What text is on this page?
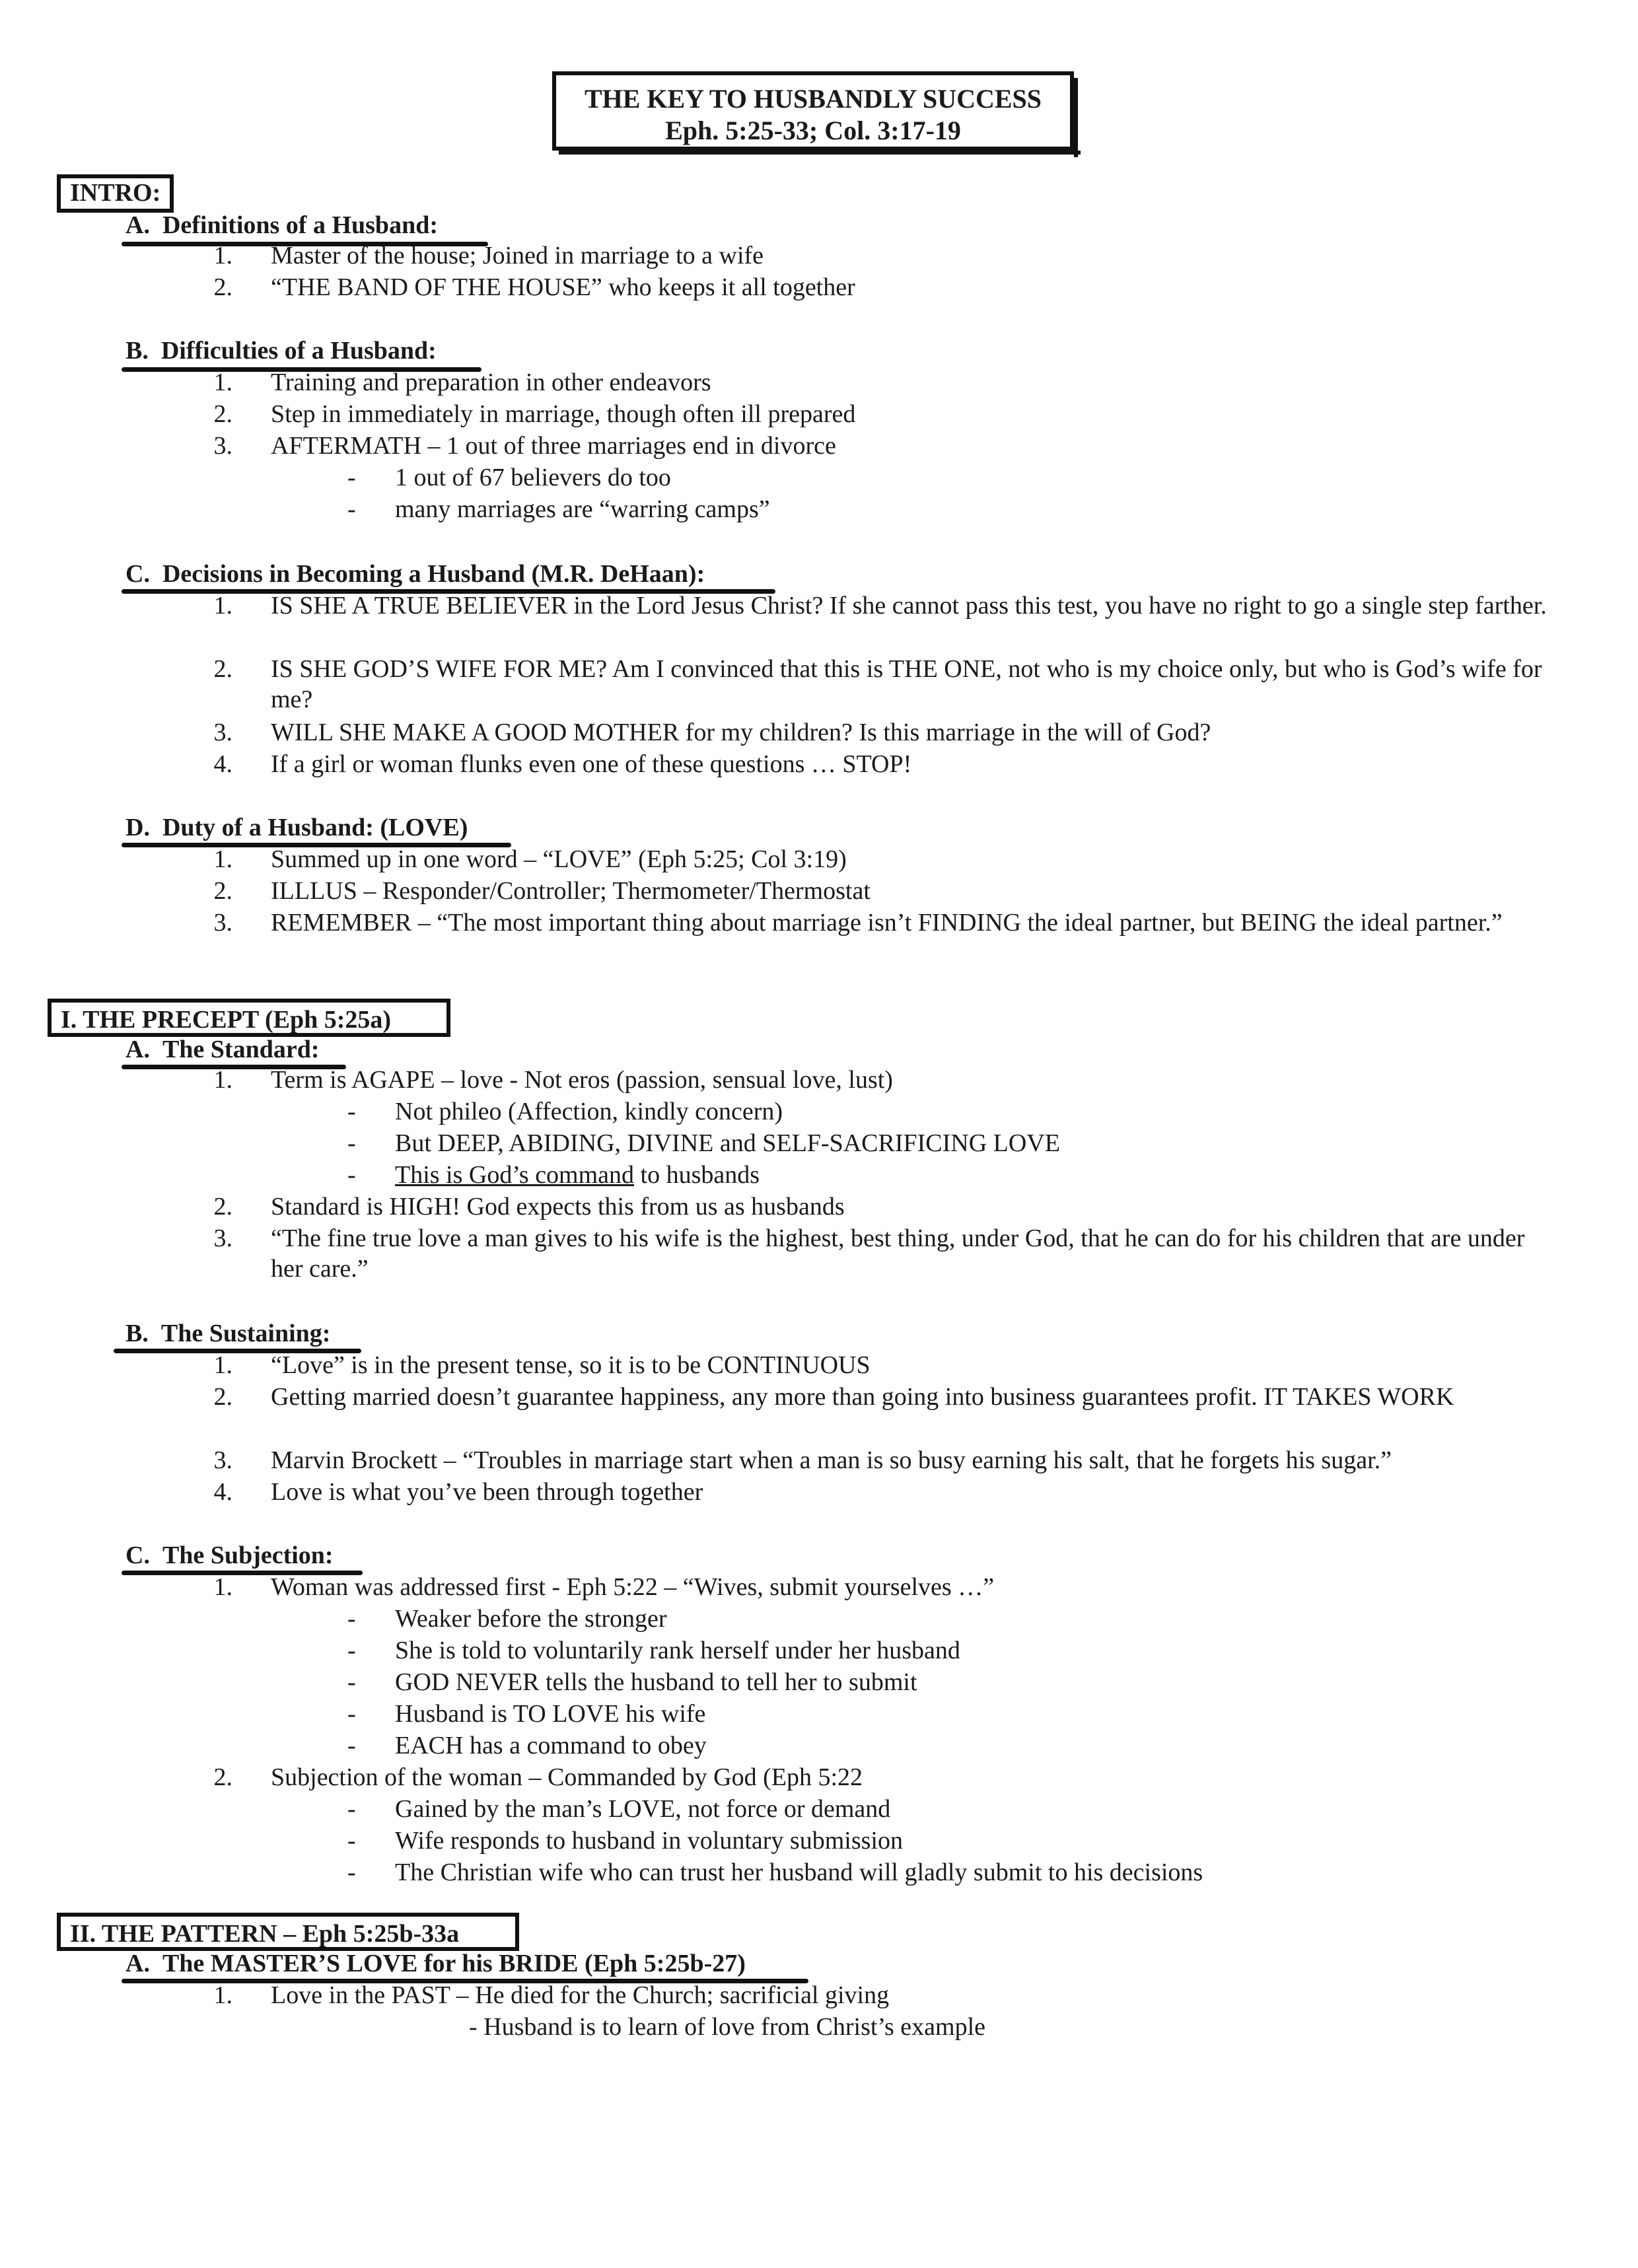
THE KEY TO HUSBANDLY SUCCESS
Eph. 5:25-33; Col. 3:17-19
INTRO:
A. Definitions of a Husband:
1. Master of the house; Joined in marriage to a wife
2. “THE BAND OF THE HOUSE” who keeps it all together
B. Difficulties of a Husband:
1. Training and preparation in other endeavors
2. Step in immediately in marriage, though often ill prepared
3. AFTERMATH – 1 out of three marriages end in divorce
- 1 out of 67 believers do too
- many marriages are “warring camps”
C. Decisions in Becoming a Husband (M.R. DeHaan):
1. IS SHE A TRUE BELIEVER in the Lord Jesus Christ? If she cannot pass this test, you have no right to go a single step farther.
2. IS SHE GOD’S WIFE FOR ME? Am I convinced that this is THE ONE, not who is my choice only, but who is God’s wife for me?
3. WILL SHE MAKE A GOOD MOTHER for my children? Is this marriage in the will of God?
4. If a girl or woman flunks even one of these questions … STOP!
D. Duty of a Husband: (LOVE)
1. Summed up in one word – “LOVE” (Eph 5:25; Col 3:19)
2. ILLLUS – Responder/Controller; Thermometer/Thermostat
3. REMEMBER – “The most important thing about marriage isn’t FINDING the ideal partner, but BEING the ideal partner.”
I. THE PRECEPT (Eph 5:25a)
A. The Standard:
1. Term is AGAPE – love - Not eros (passion, sensual love, lust)
- Not phileo (Affection, kindly concern)
- But DEEP, ABIDING, DIVINE and SELF-SACRIFICING LOVE
- This is God’s command to husbands
2. Standard is HIGH! God expects this from us as husbands
3. “The fine true love a man gives to his wife is the highest, best thing, under God, that he can do for his children that are under her care.”
B. The Sustaining:
1. “Love” is in the present tense, so it is to be CONTINUOUS
2. Getting married doesn’t guarantee happiness, any more than going into business guarantees profit. IT TAKES WORK
3. Marvin Brockett – “Troubles in marriage start when a man is so busy earning his salt, that he forgets his sugar.”
4. Love is what you’ve been through together
C. The Subjection:
1. Woman was addressed first - Eph 5:22 – “Wives, submit yourselves …”
- Weaker before the stronger
- She is told to voluntarily rank herself under her husband
- GOD NEVER tells the husband to tell her to submit
- Husband is TO LOVE his wife
- EACH has a command to obey
2. Subjection of the woman – Commanded by God (Eph 5:22
- Gained by the man’s LOVE, not force or demand
- Wife responds to husband in voluntary submission
- The Christian wife who can trust her husband will gladly submit to his decisions
II. THE PATTERN – Eph 5:25b-33a
A. The MASTER’S LOVE for his BRIDE (Eph 5:25b-27)
1. Love in the PAST – He died for the Church; sacrificial giving
- Husband is to learn of love from Christ’s example
